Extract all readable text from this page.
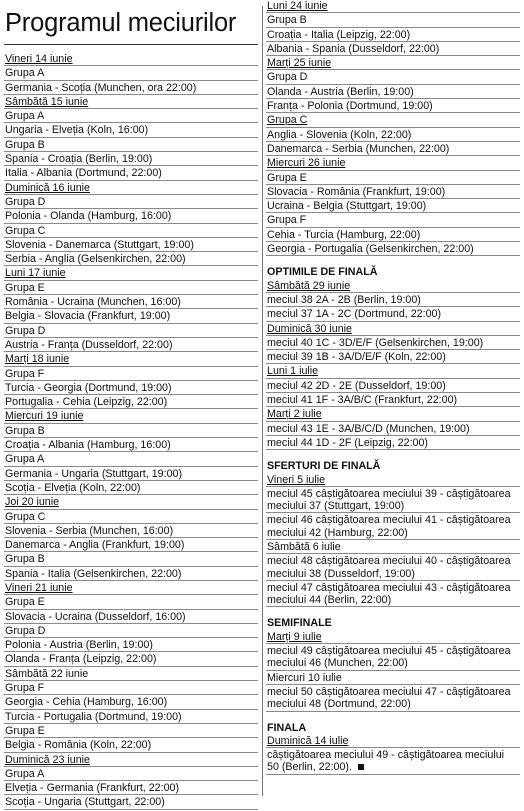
Programul meciurilor
Vineri 14 iunie
Grupa A
Germania - Scoția (Munchen, ora 22:00)
Sâmbătă 15 iunie
Grupa A
Ungaria - Elveția (Koln, 16:00)
Grupa B
Spania - Croația (Berlin, 19:00)
Italia - Albania (Dortmund, 22:00)
Duminică 16 iunie
Grupa D
Polonia - Olanda (Hamburg, 16:00)
Grupa C
Slovenia - Danemarca (Stuttgart, 19:00)
Serbia - Anglia (Gelsenkirchen, 22:00)
Luni 17 iunie
Grupa E
România - Ucraina (Munchen, 16:00)
Belgia - Slovacia (Frankfurt, 19:00)
Grupa D
Austria - Franța (Dusseldorf, 22:00)
Marți 18 iunie
Grupa F
Turcia - Georgia (Dortmund, 19:00)
Portugalia - Cehia (Leipzig, 22:00)
Miercuri 19 iunie
Grupa B
Croația - Albania (Hamburg, 16:00)
Grupa A
Germania - Ungaria (Stuttgart, 19:00)
Scoția - Elveția (Koln, 22:00)
Joi 20 iunie
Grupa C
Slovenia - Serbia (Munchen, 16:00)
Danemarca - Anglia (Frankfurt, 19:00)
Grupa B
Spania - Italia (Gelsenkirchen, 22:00)
Vineri 21 iunie
Grupa E
Slovacia - Ucraina (Dusseldorf, 16:00)
Grupa D
Polonia - Austria (Berlin, 19:00)
Olanda - Franța (Leipzig, 22:00)
Sâmbătă 22 iunie
Grupa F
Georgia - Cehia (Hamburg, 16:00)
Turcia - Portugalia (Dortmund, 19:00)
Grupa E
Belgia - România (Koln, 22:00)
Duminică 23 iunie
Grupa A
Elveția - Germania (Frankfurt, 22:00)
Scoția - Ungaria (Stuttgart, 22:00)
Luni 24 iunie
Grupa B
Croația - Italia (Leipzig, 22:00)
Albania - Spania (Dusseldorf, 22:00)
Marți 25 iunie
Grupa D
Olanda - Austria (Berlin, 19:00)
Franța - Polonia (Dortmund, 19:00)
Grupa C
Anglia - Slovenia (Koln, 22:00)
Danemarca - Serbia (Munchen, 22:00)
Miercuri 26 iunie
Grupa E
Slovacia - România (Frankfurt, 19:00)
Ucraina - Belgia (Stuttgart, 19:00)
Grupa F
Cehia - Turcia (Hamburg, 22:00)
Georgia - Portugalia (Gelsenkirchen, 22:00)
OPTIMILE DE FINALĂ
Sâmbătă 29 iunie
meciul 38 2A - 2B (Berlin, 19:00)
meciul 37 1A - 2C (Dortmund, 22:00)
Duminică 30 iunie
meciul 40 1C - 3D/E/F (Gelsenkirchen, 19:00)
meciul 39 1B - 3A/D/E/F (Koln, 22:00)
Luni 1 iulie
meciul 42 2D - 2E (Dusseldorf, 19:00)
meciul 41 1F - 3A/B/C (Frankfurt, 22:00)
Marți 2 iulie
meciul 43 1E - 3A/B/C/D (Munchen, 19:00)
meciul 44 1D - 2F (Leipzig, 22:00)
SFERTURI DE FINALĂ
Vineri 5 iulie
meciul 45 câștigătoarea meciului 39 - câștigătoarea meciului 37 (Stuttgart, 19:00)
meciul 46 câștigătoarea meciului 41 - câștigătoarea meciului 42 (Hamburg, 22:00)
Sâmbătă 6 iulie
meciul 48 câștigătoarea meciului 40 - câștigătoarea meciului 38 (Dusseldorf, 19:00)
meciul 47 câștigătoarea meciului 43 - câștigătoarea meciului 44 (Berlin, 22:00)
SEMIFINALE
Marți 9 iulie
meciul 49 câștigătoarea meciului 45 - câștigătoarea meciului 46 (Munchen, 22:00)
Miercuri 10 iulie
meciul 50 câștigătoarea meciului 47 - câștigătoarea meciului 48 (Dortmund, 22:00)
FINALA
Duminică 14 iulie
câștigătoarea meciului 49 - câștigătoarea meciului 50 (Berlin, 22:00).
